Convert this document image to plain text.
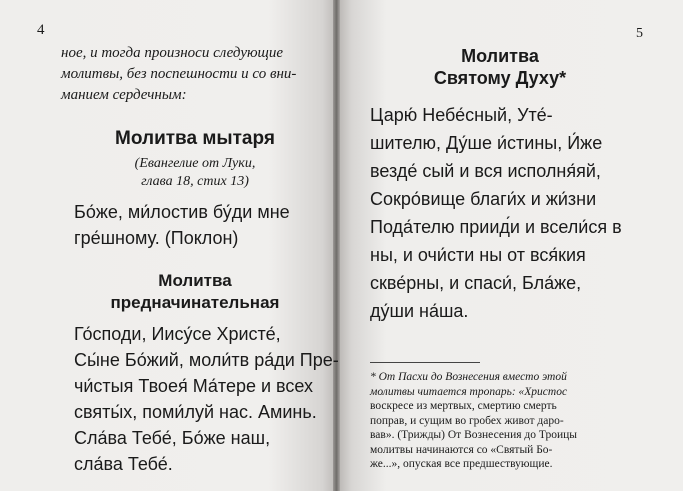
4
ное, и тогда произноси следующие
молитвы, без поспешности и со вни-
манием сердечным:
Молитва мытаря
(Евангелие от Луки,
глава 18, стих 13)
Бо́же, ми́лостив бу́ди мне
гре́шному. (Поклон)
Молитва
предначинательная
Го́споди, Иису́се Христе́,
Сы́не Бо́жий, моли́тв ра́ди Пре-
чи́стыя Твоея́ Ма́тере и всех
святы́х, поми́луй нас. Аминь.
Сла́ва Тебе́, Бо́же наш,
сла́ва Тебе́.
5
Молитва
Святому Духу*
Царю́ Небе́сный, Уте́-
шителю, Ду́ше и́стины, И́же
везде́ сый и вся исполня́яй,
Сокро́вище благи́х и жи́зни
Пода́телю приид́и и всели́ся в
ны, и очи́сти ны от вся́кия
скве́рны, и спаси́, Бла́же,
ду́ши на́ша.
* От Пасхи до Вознесения вместо этой
молитвы читается тропарь: «Христос
воскресе из мертвых, смертию смерть
поправ, и сущим во гробех живот даро-
вав». (Трижды) От Вознесения до Троицы
молитвы начинаются со «Святый Бо-
же...», опуская все предшествующие.
